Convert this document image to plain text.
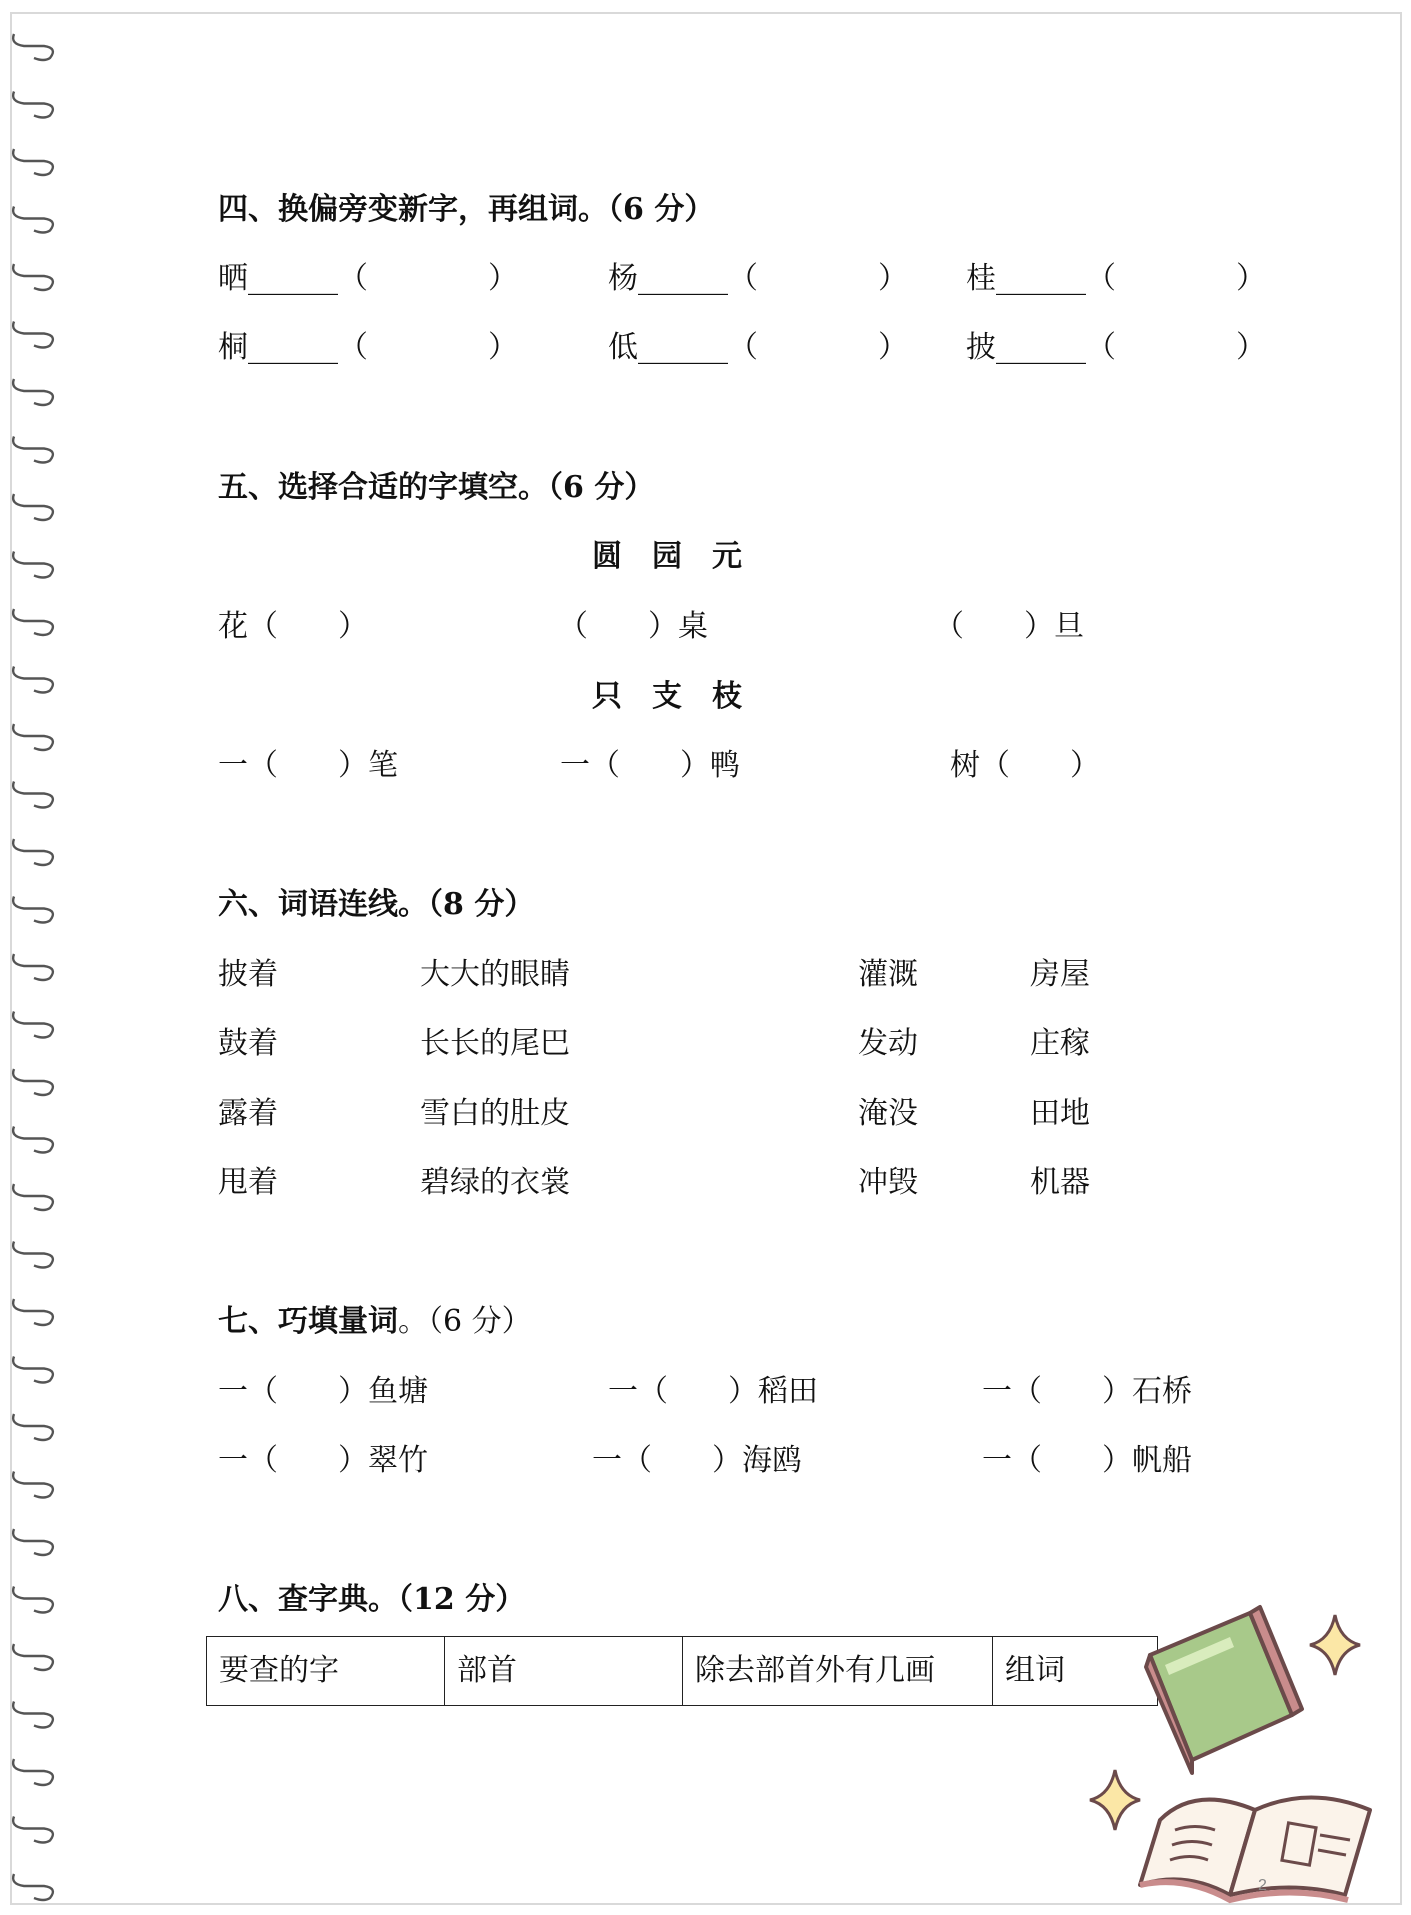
四、换偏旁变新字，再组词。（6 分）
晒______（　　　　）	杨______（　　　　） 桂______（　　　　）
桐______（　　　　）	低______（　　　　） 披______（　　　　）
五、选择合适的字填空。（6 分）
圆　园　元
花（　　）	（　　）桌	（　　）旦
只　支　枝
一（　　）笔	一（　　）鸭	树（　　）
六、词语连线。（8 分）
披着	大大的眼睛	灌溉	房屋
鼓着	长长的尾巴	发动	庄稼
露着	雪白的肚皮	淹没	田地
甩着	碧绿的衣裳	冲毁	机器
七、巧填量词。（6 分）
一（　　）鱼塘	一（　　）稻田	一（　　）石桥
一（　　）翠竹	一（　　）海鸥	一（　　）帆船
八、查字典。（12 分）
要查的字	部首	除去部首外有几画	组词
2
